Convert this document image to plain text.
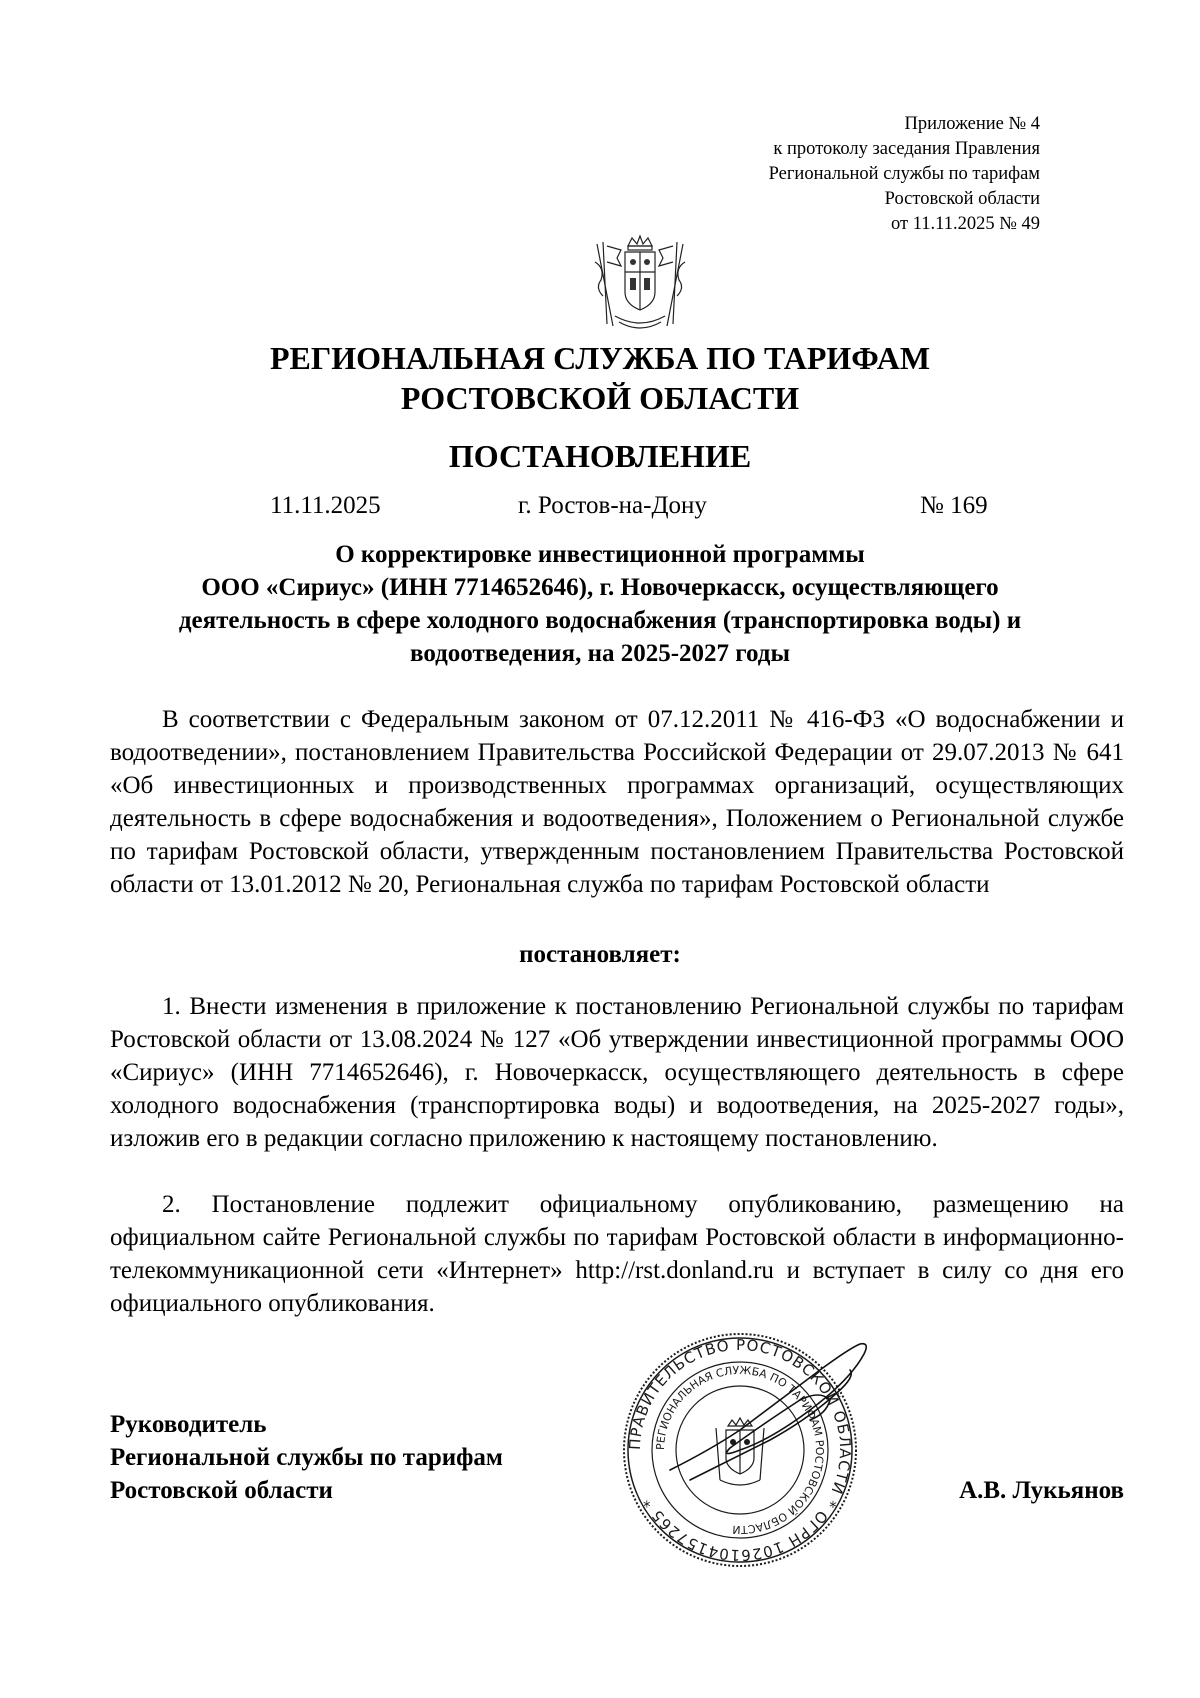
Приложение № 4
к протоколу заседания Правления
Региональной службы по тарифам
Ростовской области
от 11.11.2025 № 49
РЕГИОНАЛЬНАЯ СЛУЖБА ПО ТАРИФАМ
РОСТОВСКОЙ ОБЛАСТИ
ПОСТАНОВЛЕНИЕ
11.11.2025	г. Ростов-на-Дону	№ 169
О корректировке инвестиционной программы
ООО «Сириус» (ИНН 7714652646), г. Новочеркасск, осуществляющего
деятельность в сфере холодного водоснабжения (транспортировка воды) и
водоотведения, на 2025-2027 годы
В соответствии с Федеральным законом от 07.12.2011 № 416-ФЗ «О водоснабжении и водоотведении», постановлением Правительства Российской Федерации от 29.07.2013 № 641 «Об инвестиционных и производственных программах организаций, осуществляющих деятельность в сфере водоснабжения и водоотведения», Положением о Региональной службе по тарифам Ростовской области, утвержденным постановлением Правительства Ростовской области от 13.01.2012 № 20, Региональная служба по тарифам Ростовской области
постановляет:
1. Внести изменения в приложение к постановлению Региональной службы по тарифам Ростовской области от 13.08.2024 № 127 «Об утверждении инвестиционной программы ООО «Сириус» (ИНН 7714652646), г. Новочеркасск, осуществляющего деятельность в сфере холодного водоснабжения (транспортировка воды) и водоотведения, на 2025-2027 годы», изложив его в редакции согласно приложению к настоящему постановлению.
2. Постановление подлежит официальному опубликованию, размещению на официальном сайте Региональной службы по тарифам Ростовской области в информационно-телекоммуникационной сети «Интернет» http://rst.donland.ru и вступает в силу со дня его официального опубликования.
ПРАВИТЕЛЬСТВО РОСТОВСКОЙ ОБЛАСТИ * ОГРН 1026104157265 *
РЕГИОНАЛЬНАЯ СЛУЖБА ПО ТАРИФАМ РОСТОВСКОЙ ОБЛАСТИ
Руководитель
Региональной службы по тарифам
Ростовской области	А.В. Лукьянов
